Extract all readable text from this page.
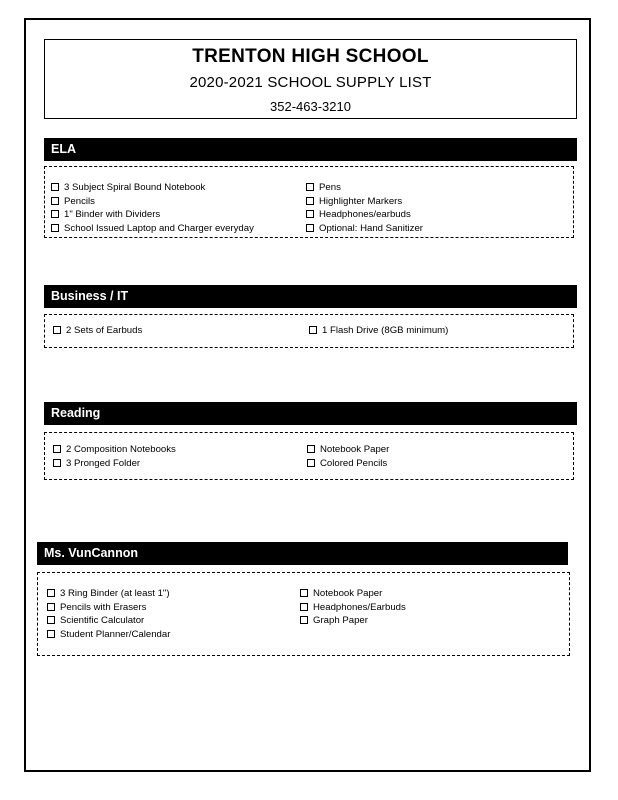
TRENTON HIGH SCHOOL
2020-2021 SCHOOL SUPPLY LIST
352-463-3210
ELA
3 Subject Spiral Bound Notebook
Pencils
1" Binder with Dividers
School Issued Laptop and Charger everyday
Pens
Highlighter Markers
Headphones/earbuds
Optional: Hand Sanitizer
Business / IT
2 Sets of Earbuds	1 Flash Drive (8GB minimum)
Reading
2 Composition Notebooks
3 Pronged Folder
Notebook Paper
Colored Pencils
Ms. VunCannon
3 Ring Binder (at least 1")
Pencils with Erasers
Scientific Calculator
Student Planner/Calendar
Notebook Paper
Headphones/Earbuds
Graph Paper
